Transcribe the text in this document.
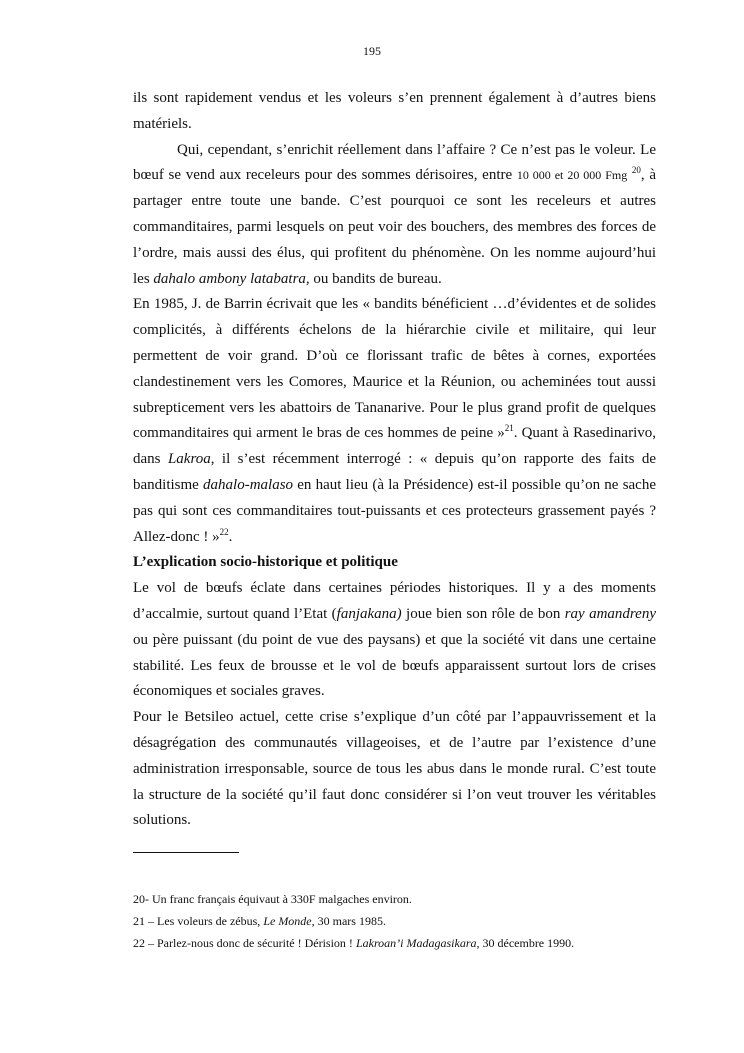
195

ils sont rapidement vendus et les voleurs s’en prennent également à d’autres biens matériels.

Qui, cependant, s’enrichit réellement dans l’affaire ? Ce n’est pas le voleur. Le bœuf se vend aux receleurs pour des sommes dérisoires, entre 10 000 et 20 000 Fmg $^{20}$, à partager entre toute une bande. C’est pourquoi ce sont les receleurs et autres commanditaires, parmi lesquels on peut voir des bouchers, des membres des forces de l’ordre, mais aussi des élus, qui profitent du phénomène. On les nomme aujourd’hui les dahalo ambony latabatra, ou bandits de bureau.

En 1985, J. de Barrin écrivait que les « bandits bénéficient …d’évidentes et de solides complicités, à différents échelons de la hiérarchie civile et militaire, qui leur permettent de voir grand. D’où ce florissant trafic de bêtes à cornes, exportées clandestinement vers les Comores, Maurice et la Réunion, ou acheminées tout aussi subrepticement vers les abattoirs de Tananarive. Pour le plus grand profit de quelques commanditaires qui arment le bras de ces hommes de peine »$^{21}$. Quant à Rasedinarivo, dans Lakroa, il s’est récemment interrogé : « depuis qu’on rapporte des faits de banditisme dahalo-malaso en haut lieu (à la Présidence) est-il possible qu’on ne sache pas qui sont ces commanditaires tout-puissants et ces protecteurs grassement payés ? Allez-donc ! »$^{22}$.

L’explication socio-historique et politique

Le vol de bœufs éclate dans certaines périodes historiques. Il y a des moments d’accalmie, surtout quand l’Etat (fanjakana) joue bien son rôle de bon ray amandreny ou père puissant (du point de vue des paysans) et que la société vit dans une certaine stabilité. Les feux de brousse et le vol de bœufs apparaissent surtout lors de crises économiques et sociales graves.

Pour le Betsileo actuel, cette crise s’explique d’un côté par l’appauvrissement et la désagrégation des communautés villageoises, et de l’autre par l’existence d’une administration irresponsable, source de tous les abus dans le monde rural. C’est toute la structure de la société qu’il faut donc considérer si l’on veut trouver les véritables solutions.

20- Un franc français équivaut à 330F malgaches environ.

21 – Les voleurs de zébus, Le Monde, 30 mars 1985.

22 – Parlez-nous donc de sécurité ! Dérision ! Lakroan’i Madagasikara, 30 décembre 1990.
